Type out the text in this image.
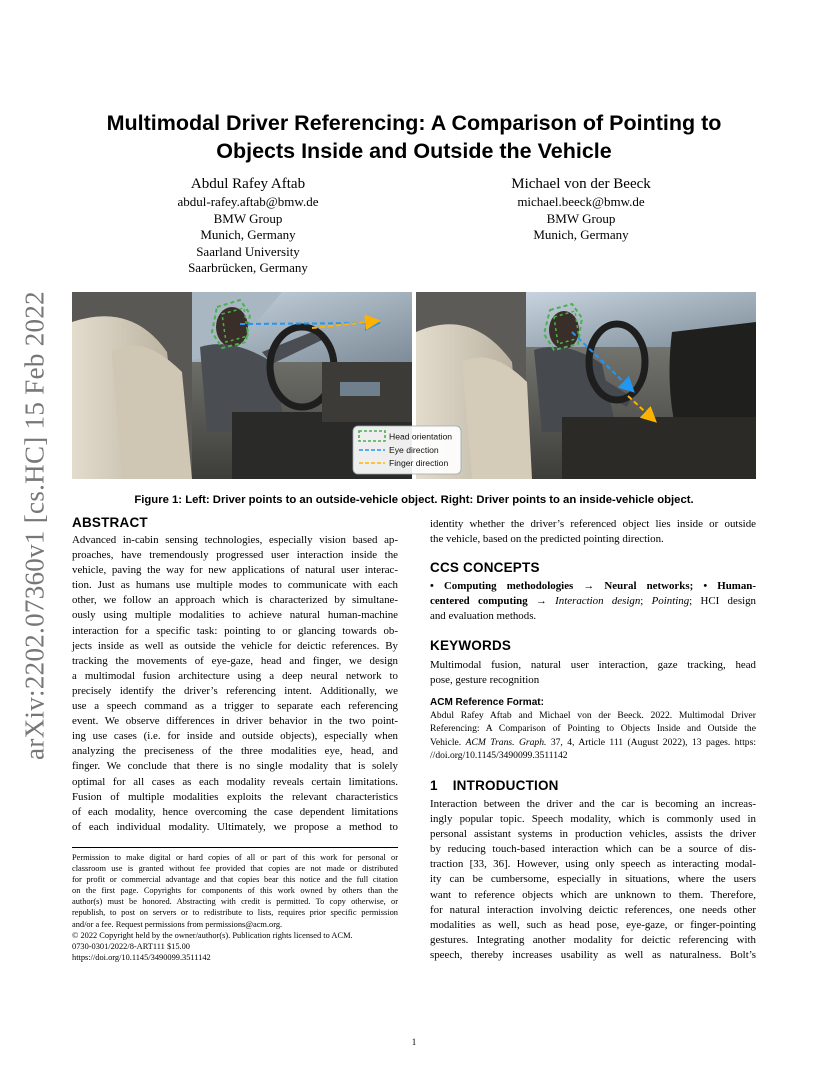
arXiv:2202.07360v1 [cs.HC] 15 Feb 2022
Multimodal Driver Referencing: A Comparison of Pointing to
Objects Inside and Outside the Vehicle
Abdul Rafey Aftab
abdul-rafey.aftab@bmw.de
BMW Group
Munich, Germany
Saarland University
Saarbrücken, Germany
Michael von der Beeck
michael.beeck@bmw.de
BMW Group
Munich, Germany
Head orientation
Eye direction
Finger direction
Figure 1: Left: Driver points to an outside-vehicle object. Right: Driver points to an inside-vehicle object.
ABSTRACT
Advanced in-cabin sensing technologies, especially vision based ap-
proaches, have tremendously progressed user interaction inside the
vehicle, paving the way for new applications of natural user interac-
tion. Just as humans use multiple modes to communicate with each
other, we follow an approach which is characterized by simultane-
ously using multiple modalities to achieve natural human-machine
interaction for a specific task: pointing to or glancing towards ob-
jects inside as well as outside the vehicle for deictic references. By
tracking the movements of eye-gaze, head and finger, we design
a multimodal fusion architecture using a deep neural network to
precisely identify the driver’s referencing intent. Additionally, we
use a speech command as a trigger to separate each referencing
event. We observe differences in driver behavior in the two point-
ing use cases (i.e. for inside and outside objects), especially when
analyzing the preciseness of the three modalities eye, head, and
finger. We conclude that there is no single modality that is solely
optimal for all cases as each modality reveals certain limitations.
Fusion of multiple modalities exploits the relevant characteristics
of each modality, hence overcoming the case dependent limitations
of each individual modality. Ultimately, we propose a method to
Permission to make digital or hard copies of all or part of this work for personal or
classroom use is granted without fee provided that copies are not made or distributed
for profit or commercial advantage and that copies bear this notice and the full citation
on the first page. Copyrights for components of this work owned by others than the
author(s) must be honored. Abstracting with credit is permitted. To copy otherwise, or
republish, to post on servers or to redistribute to lists, requires prior specific permission
and/or a fee. Request permissions from permissions@acm.org.
© 2022 Copyright held by the owner/author(s). Publication rights licensed to ACM.
0730-0301/2022/8-ART111 $15.00
https://doi.org/10.1145/3490099.3511142
identity whether the driver’s referenced object lies inside or outside
the vehicle, based on the predicted pointing direction.
CCS CONCEPTS
• Computing methodologies → Neural networks; • Human-
centered computing → Interaction design; Pointing; HCI design
and evaluation methods.
KEYWORDS
Multimodal fusion, natural user interaction, gaze tracking, head
pose, gesture recognition
ACM Reference Format:
Abdul Rafey Aftab and Michael von der Beeck. 2022. Multimodal Driver
Referencing: A Comparison of Pointing to Objects Inside and Outside the
Vehicle. ACM Trans. Graph. 37, 4, Article 111 (August 2022), 13 pages. https:
//doi.org/10.1145/3490099.3511142
1 INTRODUCTION
Interaction between the driver and the car is becoming an increas-
ingly popular topic. Speech modality, which is commonly used in
personal assistant systems in production vehicles, assists the driver
by reducing touch-based interaction which can be a source of dis-
traction [33, 36]. However, using only speech as interacting modal-
ity can be cumbersome, especially in situations, where the users
want to reference objects which are unknown to them. Therefore,
for natural interaction involving deictic references, one needs other
modalities as well, such as head pose, eye-gaze, or finger-pointing
gestures. Integrating another modality for deictic referencing with
speech, thereby increases usability as well as naturalness. Bolt’s
1
